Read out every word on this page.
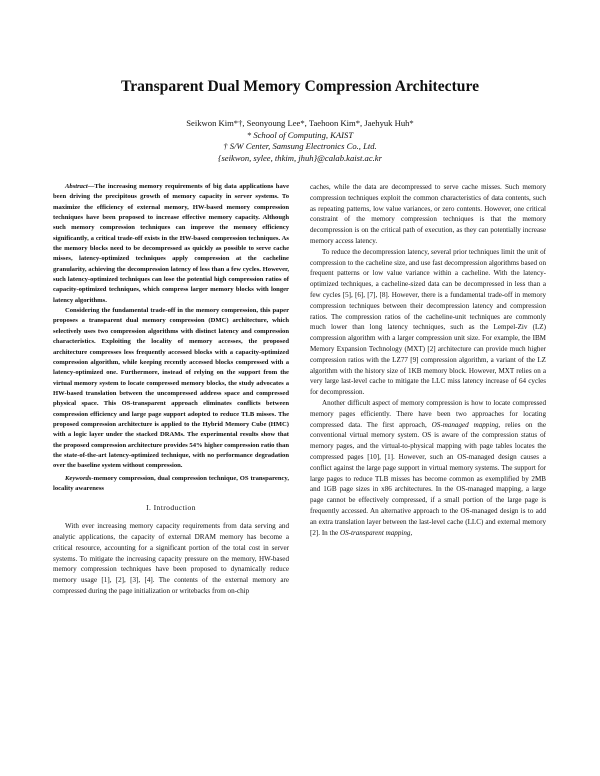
Transparent Dual Memory Compression Architecture
Seikwon Kim*†, Seonyoung Lee*, Taehoon Kim*, Jaehyuk Huh*
* School of Computing, KAIST
† S/W Center, Samsung Electronics Co., Ltd.
{seikwon, sylee, thkim, jhuh}@calab.kaist.ac.kr

Abstract—The increasing memory requirements of big data applications have been driving the precipitous growth of memory capacity in server systems. To maximize the efficiency of external memory, HW-based memory compression techniques have been proposed to increase effective memory capacity. Although such memory compression techniques can improve the memory efficiency significantly, a critical trade-off exists in the HW-based compression techniques. As the memory blocks need to be decompressed as quickly as possible to serve cache misses, latency-optimized techniques apply compression at the cacheline granularity, achieving the decompression latency of less than a few cycles. However, such latency-optimized techniques can lose the potential high compression ratios of capacity-optimized techniques, which compress larger memory blocks with longer latency algorithms.

Considering the fundamental trade-off in the memory compression, this paper proposes a transparent dual memory compression (DMC) architecture, which selectively uses two compression algorithms with distinct latency and compression characteristics. Exploiting the locality of memory accesses, the proposed architecture compresses less frequently accessed blocks with a capacity-optimized compression algorithm, while keeping recently accessed blocks compressed with a latency-optimized one. Furthermore, instead of relying on the support from the virtual memory system to locate compressed memory blocks, the study advocates a HW-based translation between the uncompressed address space and compressed physical space. This OS-transparent approach eliminates conflicts between compression efficiency and large page support adopted to reduce TLB misses. The proposed compression architecture is applied to the Hybrid Memory Cube (HMC) with a logic layer under the stacked DRAMs. The experimental results show that the proposed compression architecture provides 54% higher compression ratio than the state-of-the-art latency-optimized technique, with no performance degradation over the baseline system without compression.

Keywords-memory compression, dual compression technique, OS transparency, locality awareness
I. Introduction

With ever increasing memory capacity requirements from data serving and analytic applications, the capacity of external DRAM memory has become a critical resource, accounting for a significant portion of the total cost in server systems. To mitigate the increasing capacity pressure on the memory, HW-based memory compression techniques have been proposed to dynamically reduce memory usage [1], [2], [3], [4]. The contents of the external memory are compressed during the page initialization or writebacks from on-chip

caches, while the data are decompressed to serve cache misses. Such memory compression techniques exploit the common characteristics of data contents, such as repeating patterns, low value variances, or zero contents. However, one critical constraint of the memory compression techniques is that the memory decompression is on the critical path of execution, as they can potentially increase memory access latency.

To reduce the decompression latency, several prior techniques limit the unit of compression to the cacheline size, and use fast decompression algorithms based on frequent patterns or low value variance within a cacheline. With the latency-optimized techniques, a cacheline-sized data can be decompressed in less than a few cycles [5], [6], [7], [8]. However, there is a fundamental trade-off in memory compression techniques between their decompression latency and compression ratios. The compression ratios of the cacheline-unit techniques are commonly much lower than long latency techniques, such as the Lempel-Ziv (LZ) compression algorithm with a larger compression unit size. For example, the IBM Memory Expansion Technology (MXT) [2] architecture can provide much higher compression ratios with the LZ77 [9] compression algorithm, a variant of the LZ algorithm with the history size of 1KB memory block. However, MXT relies on a very large last-level cache to mitigate the LLC miss latency increase of 64 cycles for decompression.

Another difficult aspect of memory compression is how to locate compressed memory pages efficiently. There have been two approaches for locating compressed data. The first approach, OS-managed mapping, relies on the conventional virtual memory system. OS is aware of the compression status of memory pages, and the virtual-to-physical mapping with page tables locates the compressed pages [10], [1]. However, such an OS-managed design causes a conflict against the large page support in virtual memory systems. The support for large pages to reduce TLB misses has become common as exemplified by 2MB and 1GB page sizes in x86 architectures. In the OS-managed mapping, a large page cannot be effectively compressed, if a small portion of the large page is frequently accessed. An alternative approach to the OS-managed design is to add an extra translation layer between the last-level cache (LLC) and external memory [2]. In the OS-transparent mapping,
